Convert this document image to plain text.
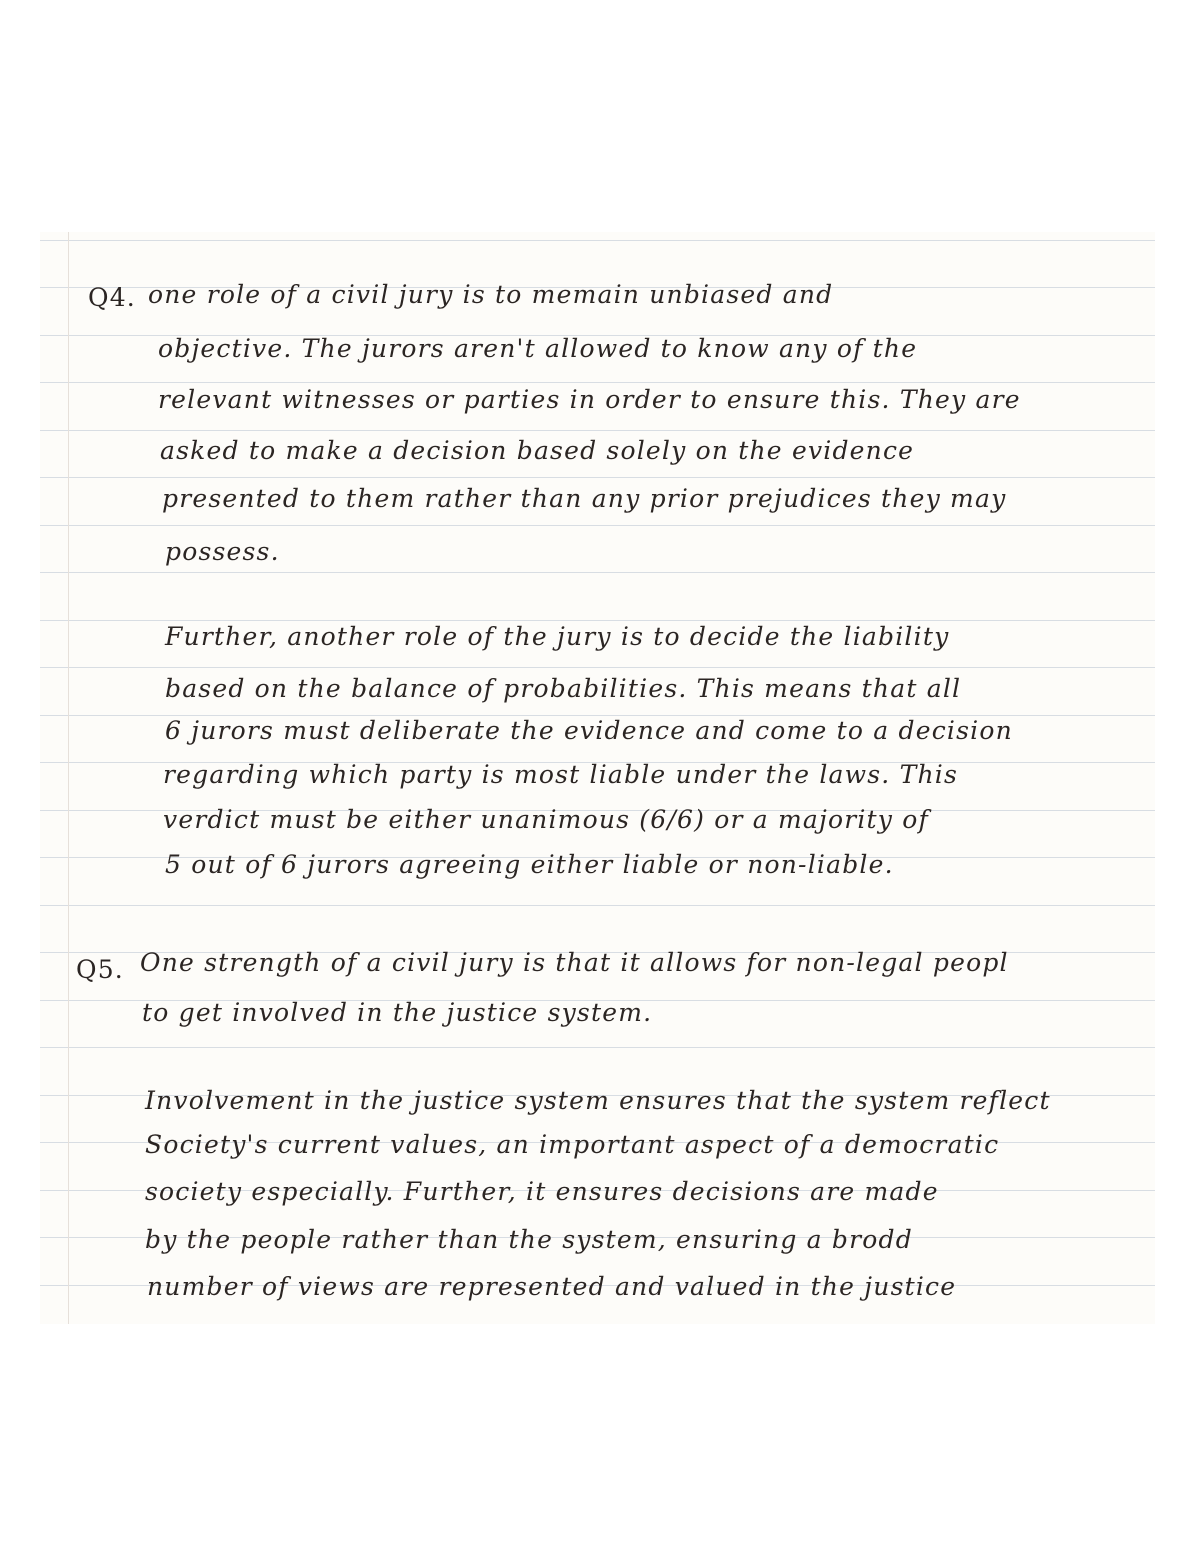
Q4. one role of a civil jury is to memain unbiased and
objective. The jurors aren't allowed to know any of the
relevant witnesses or parties in order to ensure this. They are
asked to make a decision based solely on the evidence
presented to them rather than any prior prejudices they may
possess.
Further, another role of the jury is to decide the liability
based on the balance of probabilities. This means that all
6 jurors must deliberate the evidence and come to a decision
regarding which party is most liable under the laws. This
verdict must be either unanimous (6/6) or a majority of
5 out of 6 jurors agreeing either liable or non-liable.
Q5. One strength of a civil jury is that it allows for non-legal peopl
to get involved in the justice system.
Involvement in the justice system ensures that the system reflect
Society's current values, an important aspect of a democratic
society especially. Further, it ensures decisions are made
by the people rather than the system, ensuring a brodd
number of views are represented and valued in the justice
